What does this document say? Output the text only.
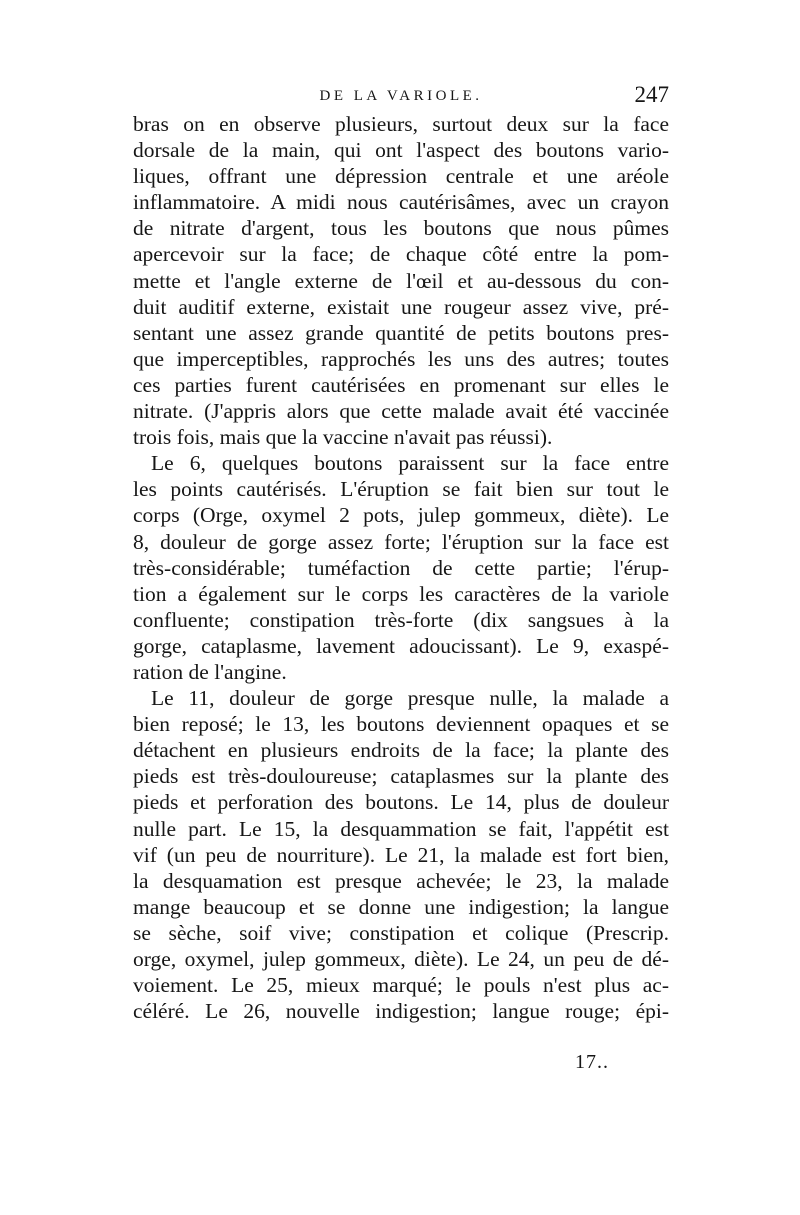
DE LA VARIOLE.	247
bras on en observe plusieurs, surtout deux sur la face
dorsale de la main, qui ont l'aspect des boutons vario-
liques, offrant une dépression centrale et une aréole
inflammatoire. A midi nous cautérisâmes, avec un crayon
de nitrate d'argent, tous les boutons que nous pûmes
apercevoir sur la face; de chaque côté entre la pom-
mette et l'angle externe de l'œil et au-dessous du con-
duit auditif externe, existait une rougeur assez vive, pré-
sentant une assez grande quantité de petits boutons pres-
que imperceptibles, rapprochés les uns des autres; toutes
ces parties furent cautérisées en promenant sur elles le
nitrate. (J'appris alors que cette malade avait été vaccinée
trois fois, mais que la vaccine n'avait pas réussi).
Le 6, quelques boutons paraissent sur la face entre
les points cautérisés. L'éruption se fait bien sur tout le
corps (Orge, oxymel 2 pots, julep gommeux, diète). Le
8, douleur de gorge assez forte; l'éruption sur la face est
très-considérable; tuméfaction de cette partie; l'érup-
tion a également sur le corps les caractères de la variole
confluente; constipation très-forte (dix sangsues à la
gorge, cataplasme, lavement adoucissant). Le 9, exaspé-
ration de l'angine.
Le 11, douleur de gorge presque nulle, la malade a
bien reposé; le 13, les boutons deviennent opaques et se
détachent en plusieurs endroits de la face; la plante des
pieds est très-douloureuse; cataplasmes sur la plante des
pieds et perforation des boutons. Le 14, plus de douleur
nulle part. Le 15, la desquammation se fait, l'appétit est
vif (un peu de nourriture). Le 21, la malade est fort bien,
la desquamation est presque achevée; le 23, la malade
mange beaucoup et se donne une indigestion; la langue
se sèche, soif vive; constipation et colique (Prescrip.
orge, oxymel, julep gommeux, diète). Le 24, un peu de dé-
voiement. Le 25, mieux marqué; le pouls n'est plus ac-
céléré. Le 26, nouvelle indigestion; langue rouge; épi-
17..
